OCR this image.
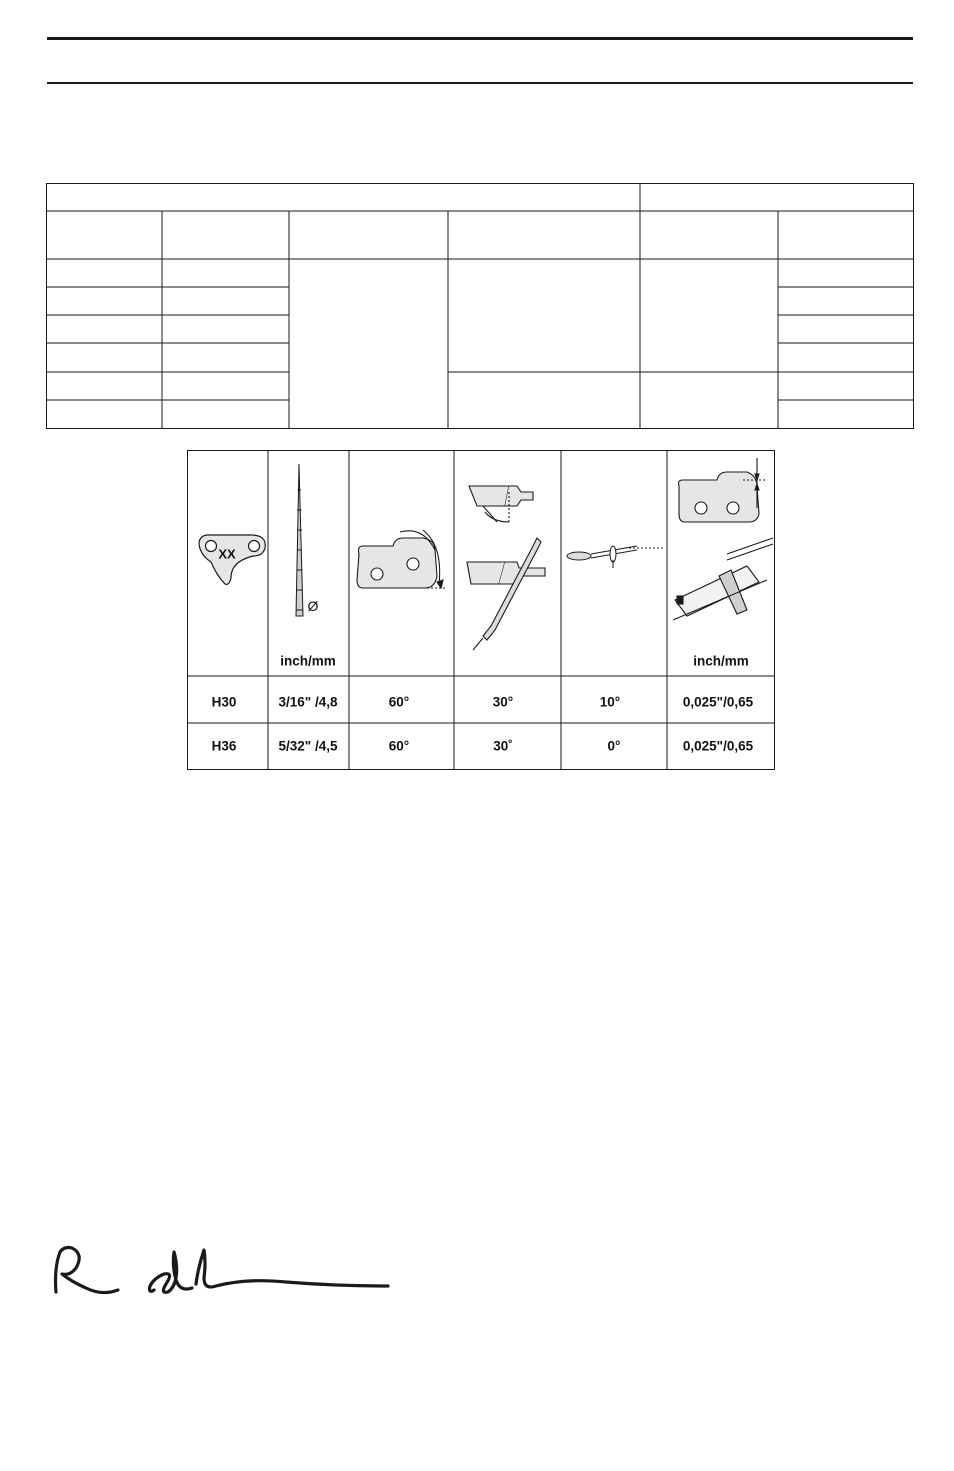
XX
Ø
inch/mm	inch/mm
H30	3/16" /4,8	60°	30°	10°	0,025"/0,65
H36	5/32" /4,5	60°	30˚	0°	0,025"/0,65
